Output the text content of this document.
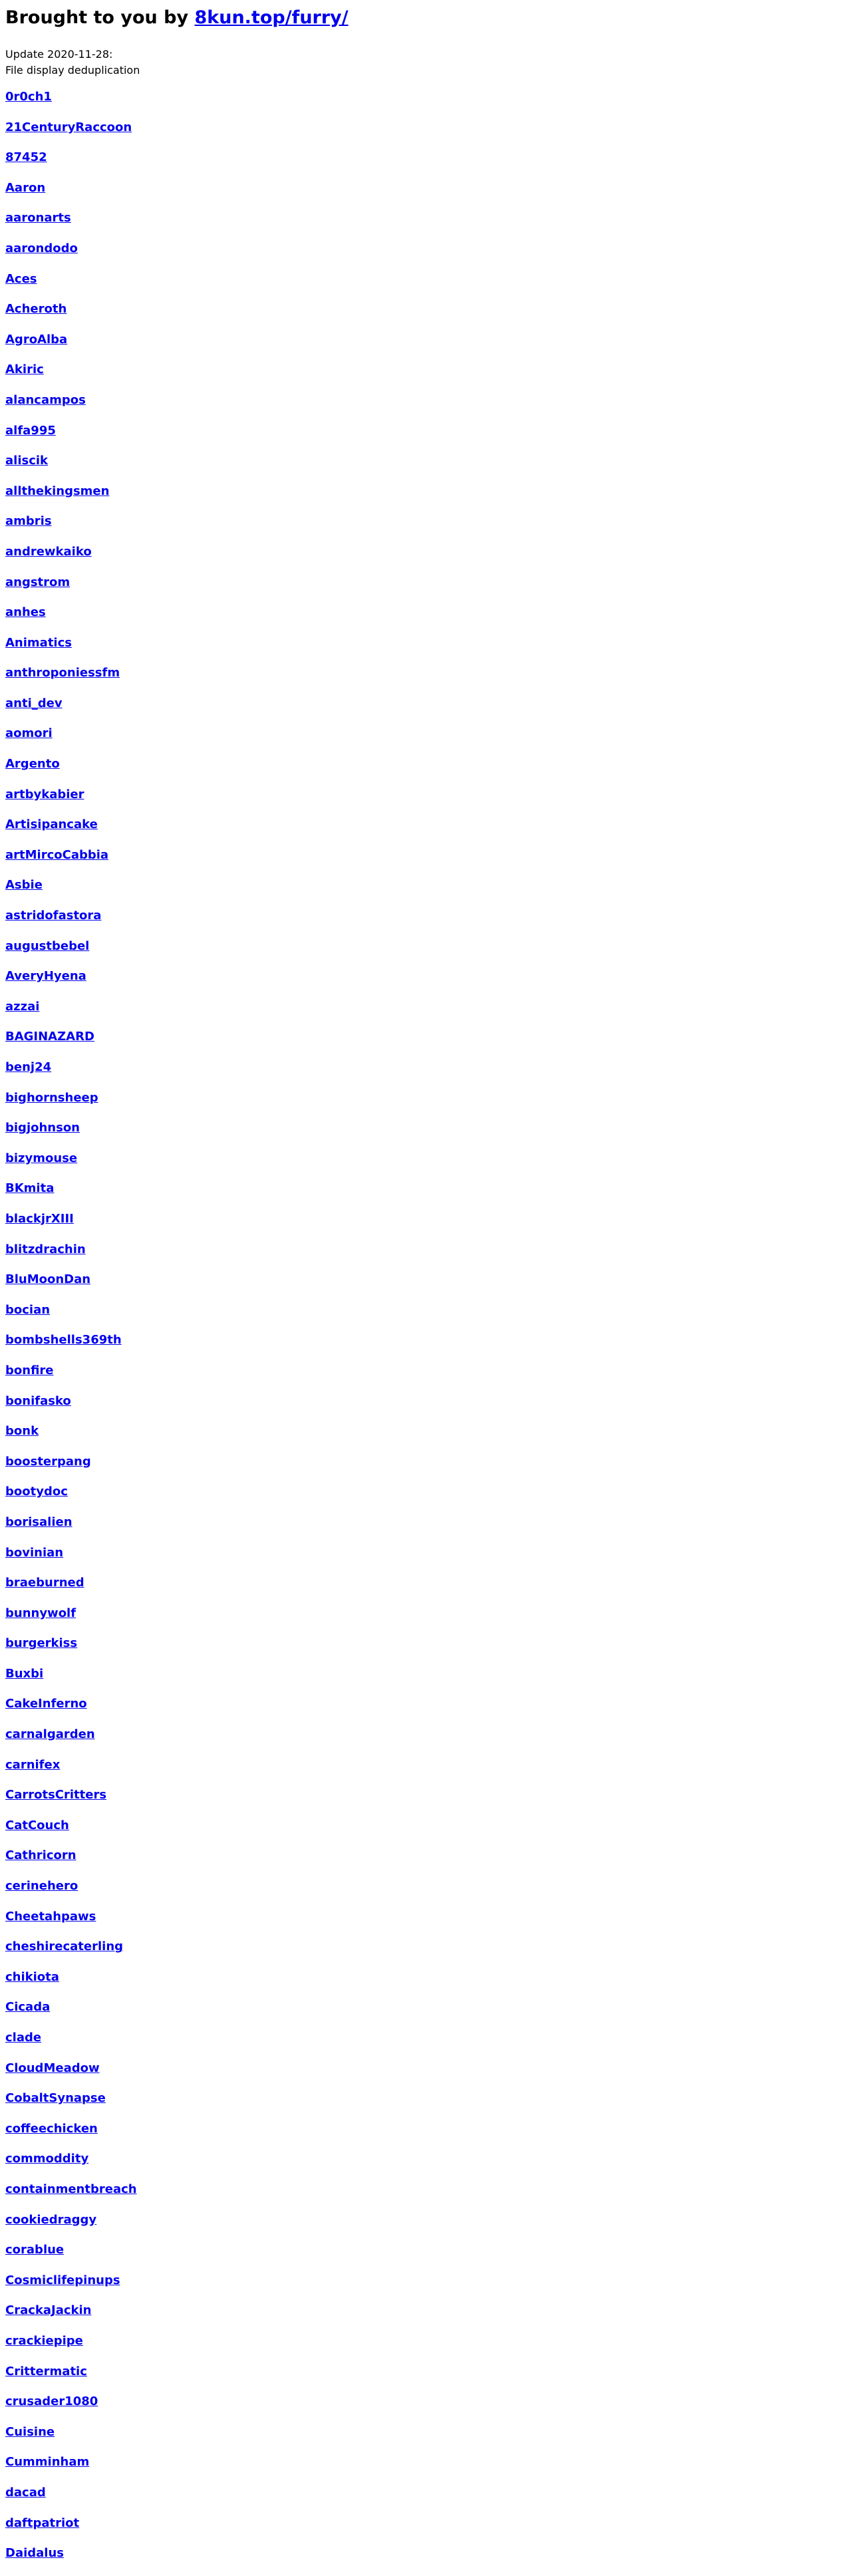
Brought to you by 8kun.top/furry/
Update 2020-11-28:
File display deduplication
0r0ch1
21CenturyRaccoon
87452
Aaron
aaronarts
aarondodo
Aces
Acheroth
AgroAlba
Akiric
alancampos
alfa995
aliscik
allthekingsmen
ambris
andrewkaiko
angstrom
anhes
Animatics
anthroponiessfm
anti_dev
aomori
Argento
artbykabier
Artisipancake
artMircoCabbia
Asbie
astridofastora
augustbebel
AveryHyena
azzai
BAGINAZARD
benj24
bighornsheep
bigjohnson
bizymouse
BKmita
blackjrXIII
blitzdrachin
BluMoonDan
bocian
bombshells369th
bonfire
bonifasko
bonk
boosterpang
bootydoc
borisalien
bovinian
braeburned
bunnywolf
burgerkiss
Buxbi
CakeInferno
carnalgarden
carnifex
CarrotsCritters
CatCouch
Cathricorn
cerinehero
Cheetahpaws
cheshirecaterling
chikiota
Cicada
clade
CloudMeadow
CobaltSynapse
coffeechicken
commoddity
containmentbreach
cookiedraggy
corablue
Cosmiclifepinups
CrackaJackin
crackiepipe
Crittermatic
crusader1080
Cuisine
Cumminham
dacad
daftpatriot
Daidalus
